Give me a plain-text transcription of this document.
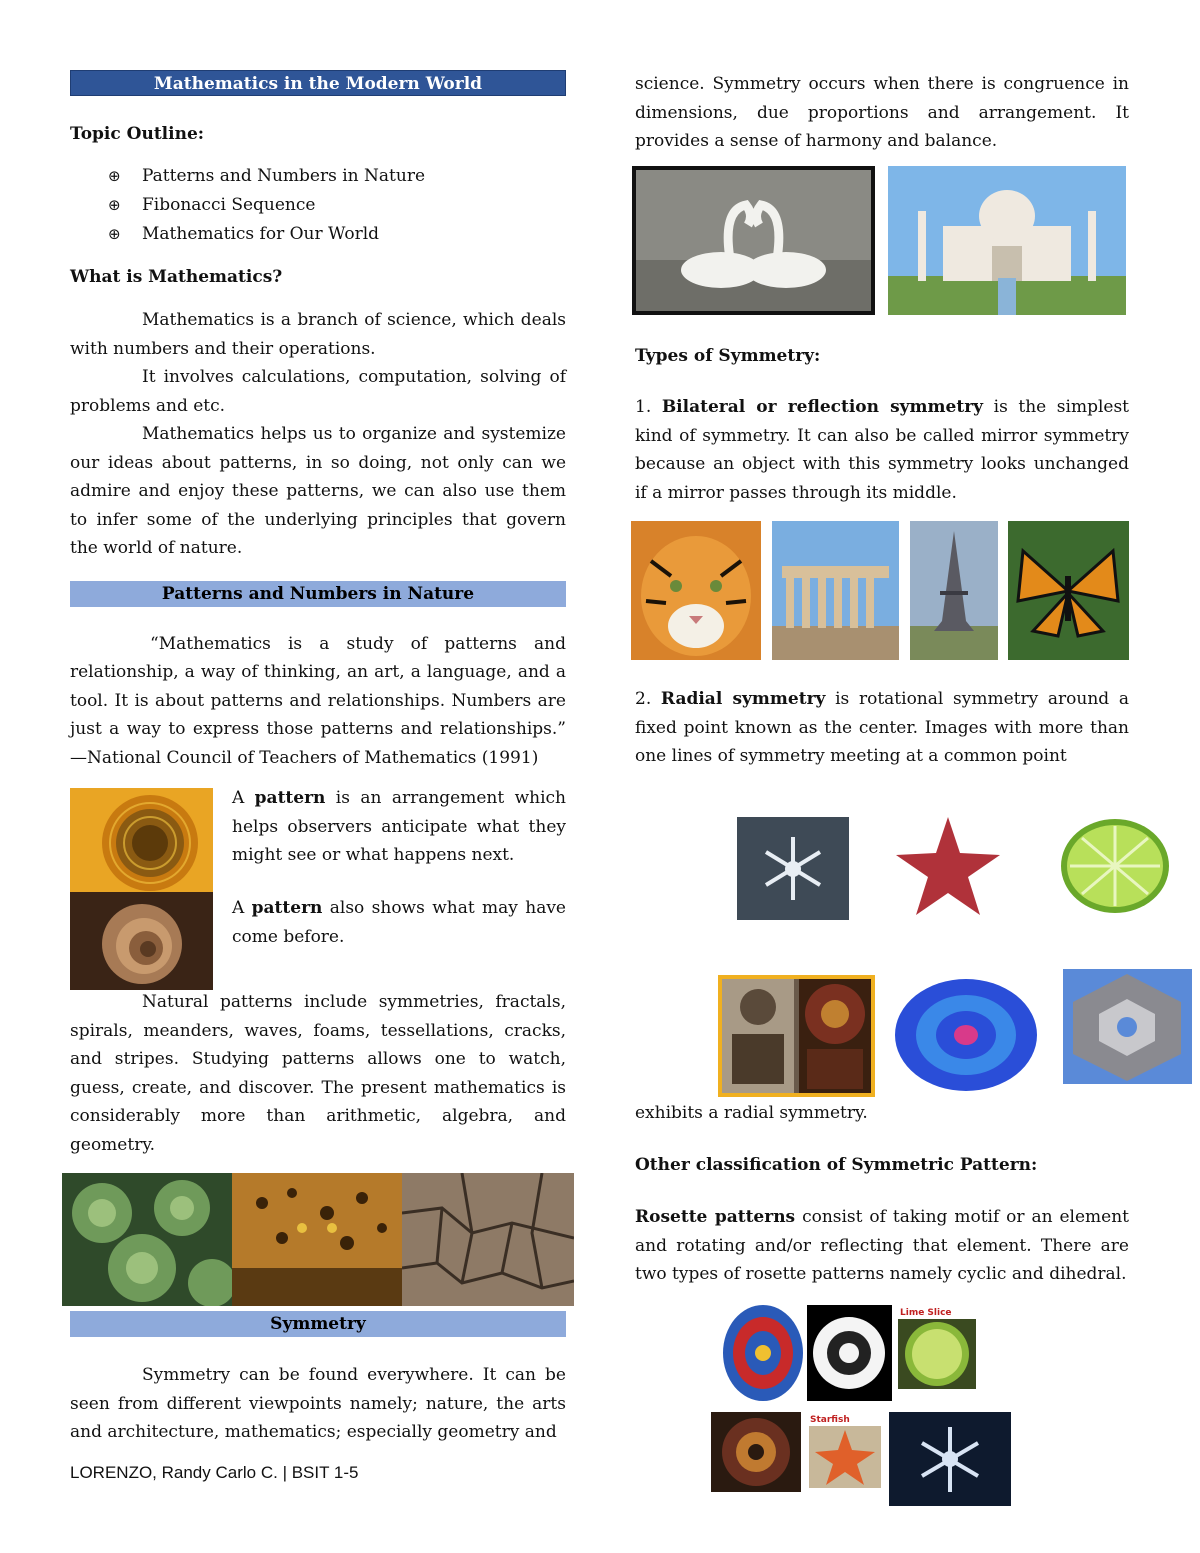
Mathematics in the Modern World
Topic Outline:
⊕ Patterns and Numbers in Nature
⊕ Fibonacci Sequence
⊕ Mathematics for Our World
What is Mathematics?

Mathematics is a branch of science, which deals with numbers and their operations.

It involves calculations, computation, solving of problems and etc.

Mathematics helps us to organize and systemize our ideas about patterns, in so doing, not only can we admire and enjoy these patterns, we can also use them to infer some of the underlying principles that govern the world of nature.

Patterns and Numbers in Nature

“Mathematics is a study of patterns and relationship, a way of thinking, an art, a language, and a tool. It is about patterns and relationships. Numbers are just a way to express those patterns and relationships.” —National Council of Teachers of Mathematics (1991)

A pattern is an arrangement which helps observers anticipate what they might see or what happens next.

A pattern also shows what may have come before.

Natural patterns include symmetries, fractals, spirals, meanders, waves, foams, tessellations, cracks, and stripes. Studying patterns allows one to watch, guess, create, and discover. The present mathematics is considerably more than arithmetic, algebra, and geometry.

Symmetry

Symmetry can be found everywhere. It can be seen from different viewpoints namely; nature, the arts and architecture, mathematics; especially geometry and

science. Symmetry occurs when there is congruence in dimensions, due proportions and arrangement. It provides a sense of harmony and balance.

Types of Symmetry:

1. Bilateral or reflection symmetry is the simplest kind of symmetry. It can also be called mirror symmetry because an object with this symmetry looks unchanged if a mirror passes through its middle.

2. Radial symmetry is rotational symmetry around a fixed point known as the center. Images with more than one lines of symmetry meeting at a common point

exhibits a radial symmetry.

Other classification of Symmetric Pattern:

Rosette patterns consist of taking motif or an element and rotating and/or reflecting that element. There are two types of rosette patterns namely cyclic and dihedral.

Lime Slice
Starfish
LORENZO, Randy Carlo C. | BSIT 1-5
